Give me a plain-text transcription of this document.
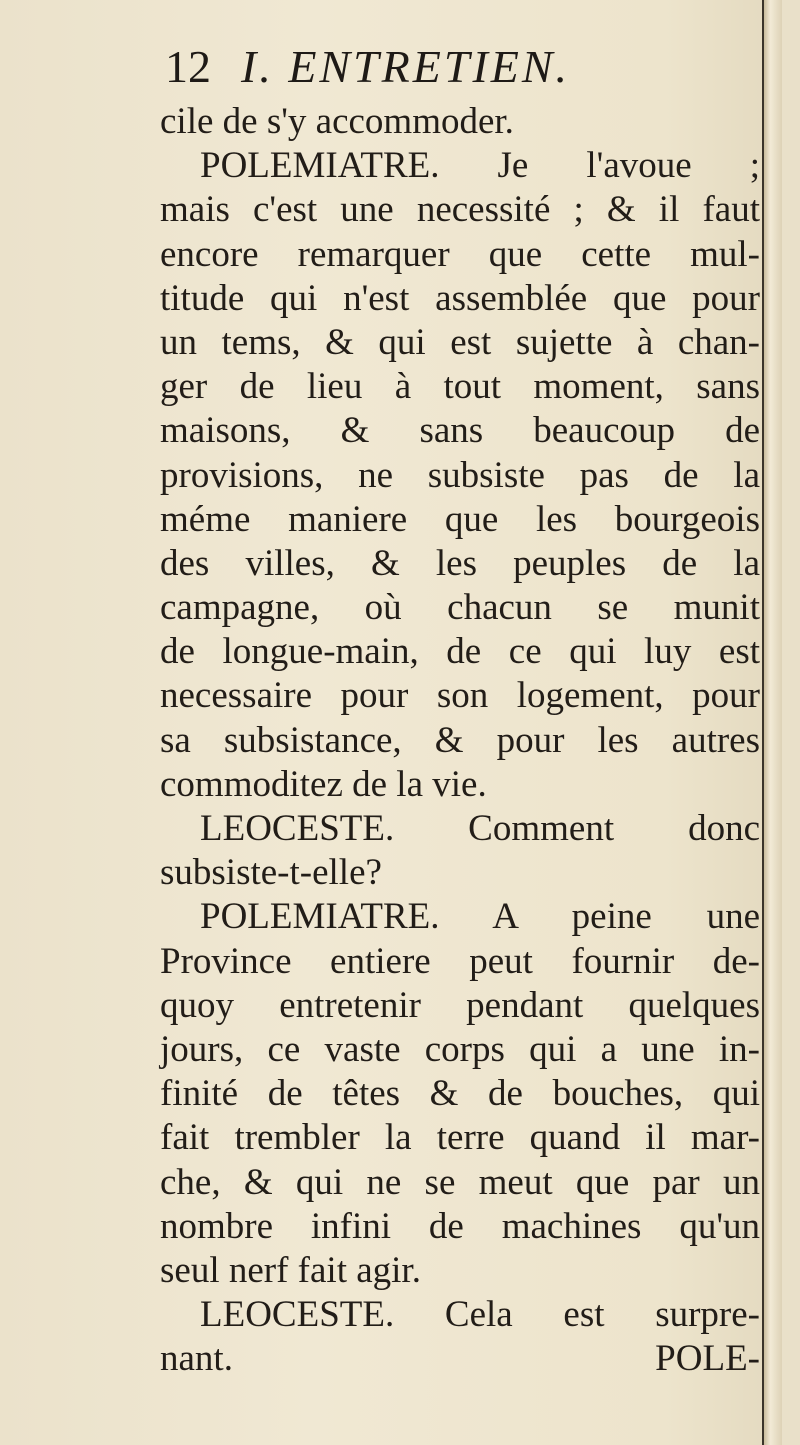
12 I. ENTRETIEN.
cile de s'y accommoder.
POLEMIATRE. Je l'avoue ;
mais c'est une necessité ; & il faut
encore remarquer que cette mul-
titude qui n'est assemblée que pour
un tems, & qui est sujette à chan-
ger de lieu à tout moment, sans
maisons, & sans beaucoup de
provisions, ne subsiste pas de la
méme maniere que les bourgeois
des villes, & les peuples de la
campagne, où chacun se munit
de longue-main, de ce qui luy est
necessaire pour son logement, pour
sa subsistance, & pour les autres
commoditez de la vie.
LEOCESTE. Comment donc
subsiste-t-elle?
POLEMIATRE. A peine une
Province entiere peut fournir de-
quoy entretenir pendant quelques
jours, ce vaste corps qui a une in-
finité de têtes & de bouches, qui
fait trembler la terre quand il mar-
che, & qui ne se meut que par un
nombre infini de machines qu'un
seul nerf fait agir.
LEOCESTE. Cela est surpre-
nant.	POLE-
